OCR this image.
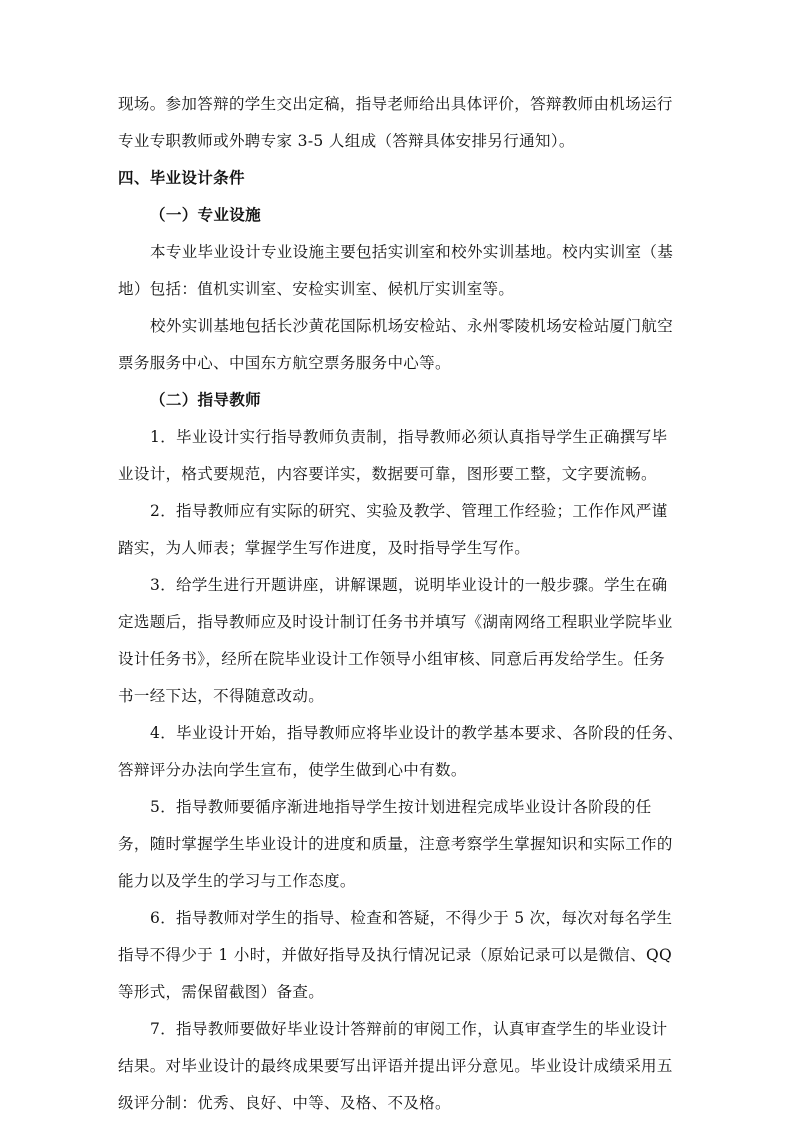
现场。参加答辩的学生交出定稿，指导老师给出具体评价，答辩教师由机场运行
专业专职教师或外聘专家 3-5 人组成（答辩具体安排另行通知）。
四、毕业设计条件
（一）专业设施
本专业毕业设计专业设施主要包括实训室和校外实训基地。校内实训室（基
地）包括：值机实训室、安检实训室、候机厅实训室等。
校外实训基地包括长沙黄花国际机场安检站、永州零陵机场安检站厦门航空
票务服务中心、中国东方航空票务服务中心等。
（二）指导教师
1．毕业设计实行指导教师负责制，指导教师必须认真指导学生正确撰写毕
业设计，格式要规范，内容要详实，数据要可靠，图形要工整，文字要流畅。
2．指导教师应有实际的研究、实验及教学、管理工作经验；工作作风严谨
踏实，为人师表；掌握学生写作进度，及时指导学生写作。
3．给学生进行开题讲座，讲解课题，说明毕业设计的一般步骤。学生在确
定选题后，指导教师应及时设计制订任务书并填写《湖南网络工程职业学院毕业
设计任务书》，经所在院毕业设计工作领导小组审核、同意后再发给学生。任务
书一经下达，不得随意改动。
4．毕业设计开始，指导教师应将毕业设计的教学基本要求、各阶段的任务、
答辩评分办法向学生宣布，使学生做到心中有数。
5．指导教师要循序渐进地指导学生按计划进程完成毕业设计各阶段的任
务，随时掌握学生毕业设计的进度和质量，注意考察学生掌握知识和实际工作的
能力以及学生的学习与工作态度。
6．指导教师对学生的指导、检查和答疑，不得少于 5 次，每次对每名学生
指导不得少于 1 小时，并做好指导及执行情况记录（原始记录可以是微信、QQ
等形式，需保留截图）备查。
7．指导教师要做好毕业设计答辩前的审阅工作，认真审查学生的毕业设计
结果。对毕业设计的最终成果要写出评语并提出评分意见。毕业设计成绩采用五
级评分制：优秀、良好、中等、及格、不及格。
